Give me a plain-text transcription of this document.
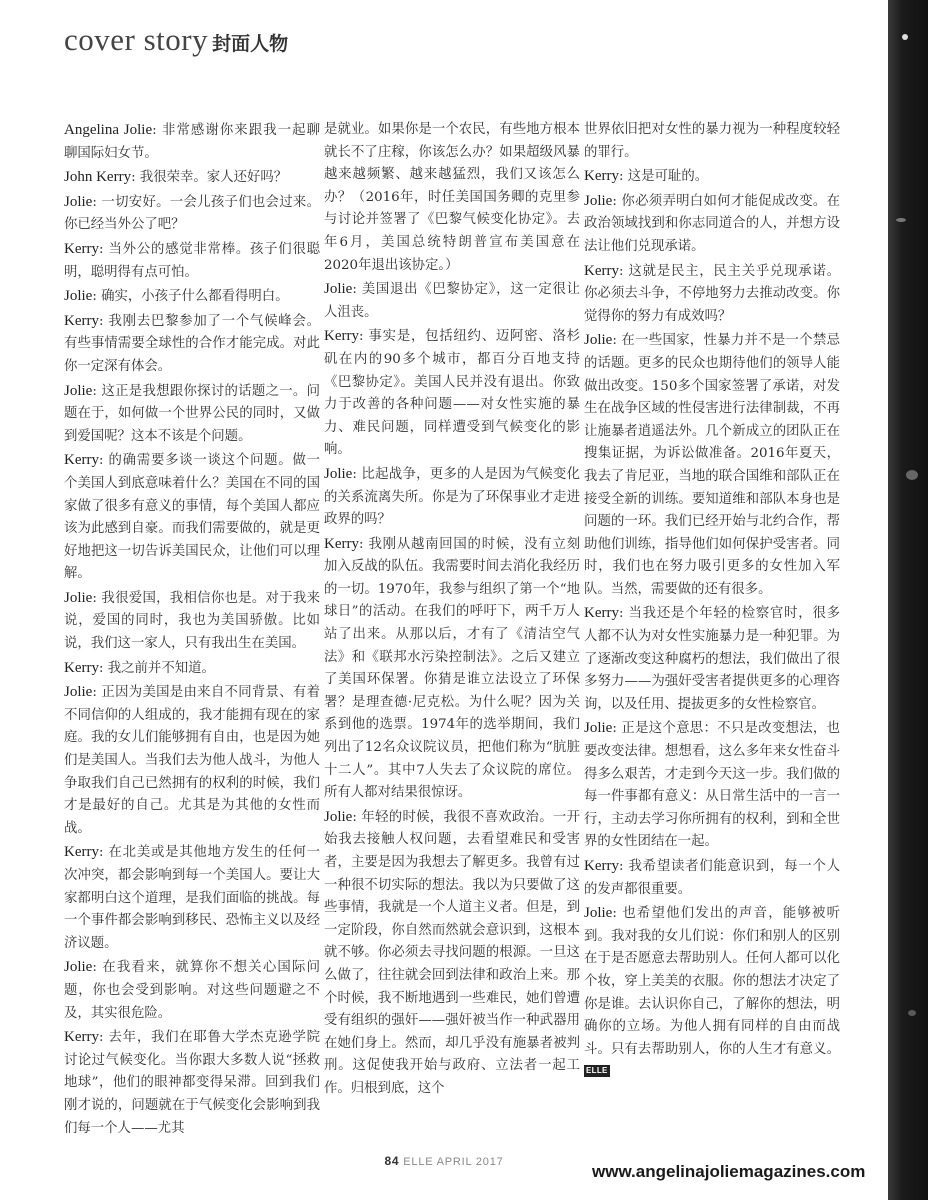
cover story 封面人物

Angelina Jolie: 非常感谢你来跟我一起聊聊国际妇女节。

John Kerry: 我很荣幸。家人还好吗？

Jolie: 一切安好。一会儿孩子们也会过来。你已经当外公了吧？

Kerry: 当外公的感觉非常棒。孩子们很聪明，聪明得有点可怕。

Jolie: 确实，小孩子什么都看得明白。

Kerry: 我刚去巴黎参加了一个气候峰会。有些事情需要全球性的合作才能完成。对此你一定深有体会。

Jolie: 这正是我想跟你探讨的话题之一。问题在于，如何做一个世界公民的同时，又做到爱国呢？这本不该是个问题。

Kerry: 的确需要多谈一谈这个问题。做一个美国人到底意味着什么？美国在不同的国家做了很多有意义的事情，每个美国人都应该为此感到自豪。而我们需要做的，就是更好地把这一切告诉美国民众，让他们可以理解。

Jolie: 我很爱国，我相信你也是。对于我来说，爱国的同时，我也为美国骄傲。比如说，我们这一家人，只有我出生在美国。

Kerry: 我之前并不知道。

Jolie: 正因为美国是由来自不同背景、有着不同信仰的人组成的，我才能拥有现在的家庭。我的女儿们能够拥有自由，也是因为她们是美国人。当我们去为他人战斗，为他人争取我们自己已然拥有的权利的时候，我们才是最好的自己。尤其是为其他的女性而战。

Kerry: 在北美或是其他地方发生的任何一次冲突，都会影响到每一个美国人。要让大家都明白这个道理，是我们面临的挑战。每一个事件都会影响到移民、恐怖主义以及经济议题。

Jolie: 在我看来，就算你不想关心国际问题，你也会受到影响。对这些问题避之不及，其实很危险。

Kerry: 去年，我们在耶鲁大学杰克逊学院讨论过气候变化。当你跟大多数人说“拯救地球”，他们的眼神都变得呆滞。回到我们刚才说的，问题就在于气候变化会影响到我们每一个人——尤其

是就业。如果你是一个农民，有些地方根本就长不了庄稼，你该怎么办？如果超级风暴越来越频繁、越来越猛烈，我们又该怎么办？（2016年，时任美国国务卿的克里参与讨论并签署了《巴黎气候变化协定》。去年6月，美国总统特朗普宣布美国意在2020年退出该协定。）

Jolie: 美国退出《巴黎协定》，这一定很让人沮丧。

Kerry: 事实是，包括纽约、迈阿密、洛杉矶在内的90多个城市，都百分百地支持《巴黎协定》。美国人民并没有退出。你致力于改善的各种问题——对女性实施的暴力、难民问题，同样遭受到气候变化的影响。

Jolie: 比起战争，更多的人是因为气候变化的关系流离失所。你是为了环保事业才走进政界的吗？

Kerry: 我刚从越南回国的时候，没有立刻加入反战的队伍。我需要时间去消化我经历的一切。1970年，我参与组织了第一个“地球日”的活动。在我们的呼吁下，两千万人站了出来。从那以后，才有了《清洁空气法》和《联邦水污染控制法》。之后又建立了美国环保署。你猜是谁立法设立了环保署？是理查德·尼克松。为什么呢？因为关系到他的选票。1974年的选举期间，我们列出了12名众议院议员，把他们称为“肮脏十二人”。其中7人失去了众议院的席位。所有人都对结果很惊讶。

Jolie: 年轻的时候，我很不喜欢政治。一开始我去接触人权问题，去看望难民和受害者，主要是因为我想去了解更多。我曾有过一种很不切实际的想法。我以为只要做了这些事情，我就是一个人道主义者。但是，到一定阶段，你自然而然就会意识到，这根本就不够。你必须去寻找问题的根源。一旦这么做了，往往就会回到法律和政治上来。那个时候，我不断地遇到一些难民，她们曾遭受有组织的强奸——强奸被当作一种武器用在她们身上。然而，却几乎没有施暴者被判刑。这促使我开始与政府、立法者一起工作。归根到底，这个

世界依旧把对女性的暴力视为一种程度较轻的罪行。

Kerry: 这是可耻的。

Jolie: 你必须弄明白如何才能促成改变。在政治领域找到和你志同道合的人，并想方设法让他们兑现承诺。

Kerry: 这就是民主，民主关乎兑现承诺。你必须去斗争，不停地努力去推动改变。你觉得你的努力有成效吗？

Jolie: 在一些国家，性暴力并不是一个禁忌的话题。更多的民众也期待他们的领导人能做出改变。150多个国家签署了承诺，对发生在战争区域的性侵害进行法律制裁，不再让施暴者逍遥法外。几个新成立的团队正在搜集证据，为诉讼做准备。2016年夏天，我去了肯尼亚，当地的联合国维和部队正在接受全新的训练。要知道维和部队本身也是问题的一环。我们已经开始与北约合作，帮助他们训练，指导他们如何保护受害者。同时，我们也在努力吸引更多的女性加入军队。当然，需要做的还有很多。

Kerry: 当我还是个年轻的检察官时，很多人都不认为对女性实施暴力是一种犯罪。为了逐渐改变这种腐朽的想法，我们做出了很多努力——为强奸受害者提供更多的心理咨询，以及任用、提拔更多的女性检察官。

Jolie: 正是这个意思：不只是改变想法，也要改变法律。想想看，这么多年来女性奋斗得多么艰苦，才走到今天这一步。我们做的每一件事都有意义：从日常生活中的一言一行，主动去学习你所拥有的权利，到和全世界的女性团结在一起。

Kerry: 我希望读者们能意识到，每一个人的发声都很重要。

Jolie: 也希望他们发出的声音，能够被听到。我对我的女儿们说：你们和别人的区别在于是否愿意去帮助别人。任何人都可以化个妆，穿上美美的衣服。你的想法才决定了你是谁。去认识你自己，了解你的想法，明确你的立场。为他人拥有同样的自由而战斗。只有去帮助别人，你的人生才有意义。 ELLE

84 ELLE APRIL 2017	www.angelinajoliemagazines.com
